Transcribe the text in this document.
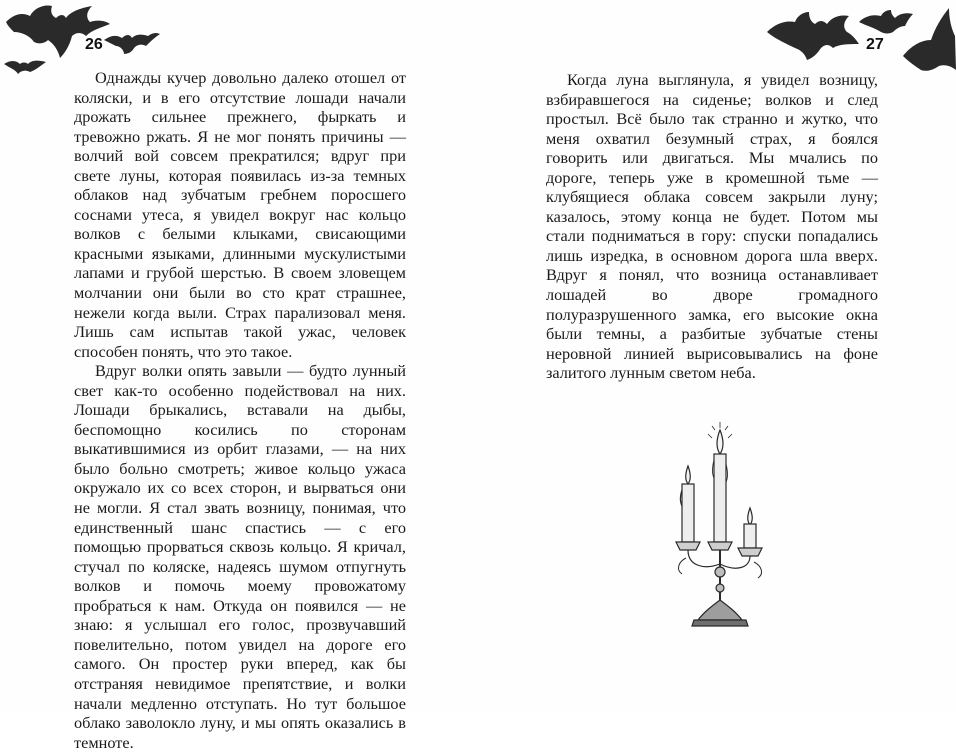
26	27

Однажды кучер довольно далеко отошел от коляски, и в его отсутствие лошади начали дрожать сильнее прежнего, фыркать и тревожно ржать. Я не мог понять причины — волчий вой совсем прекратился; вдруг при свете луны, которая появилась из-за темных облаков над зубчатым гребнем поросшего соснами утеса, я увидел вокруг нас кольцо волков с белыми клыками, свисающими красными языками, длинными мускулистыми лапами и грубой шерстью. В своем зловещем молчании они были во сто крат страшнее, нежели когда выли. Страх парализовал меня. Лишь сам испытав такой ужас, человек способен понять, что это такое.

Вдруг волки опять завыли — будто лунный свет как-то особенно подействовал на них. Лошади брыкались, вставали на дыбы, беспомощно косились по сторонам выкатившимися из орбит глазами, — на них было больно смотреть; живое кольцо ужаса окружало их со всех сторон, и вырваться они не могли. Я стал звать возницу, понимая, что единственный шанс спастись — с его помощью прорваться сквозь кольцо. Я кричал, стучал по коляске, надеясь шумом отпугнуть волков и помочь моему провожатому пробраться к нам. Откуда он появился — не знаю: я услышал его голос, прозвучавший повелительно, потом увидел на дороге его самого. Он простер руки вперед, как бы отстраняя невидимое препятствие, и волки начали медленно отступать. Но тут большое облако заволокло луну, и мы опять оказались в темноте.

Когда луна выглянула, я увидел возницу, взбиравшегося на сиденье; волков и след простыл. Всё было так странно и жутко, что меня охватил безумный страх, я боялся говорить или двигаться. Мы мчались по дороге, теперь уже в кромешной тьме — клубящиеся облака совсем закрыли луну; казалось, этому конца не будет. Потом мы стали подниматься в гору: спуски попадались лишь изредка, в основном дорога шла вверх. Вдруг я понял, что возница останавливает лошадей во дворе громадного полуразрушенного замка, его высокие окна были темны, а разбитые зубчатые стены неровной линией вырисовывались на фоне залитого лунным светом неба.
